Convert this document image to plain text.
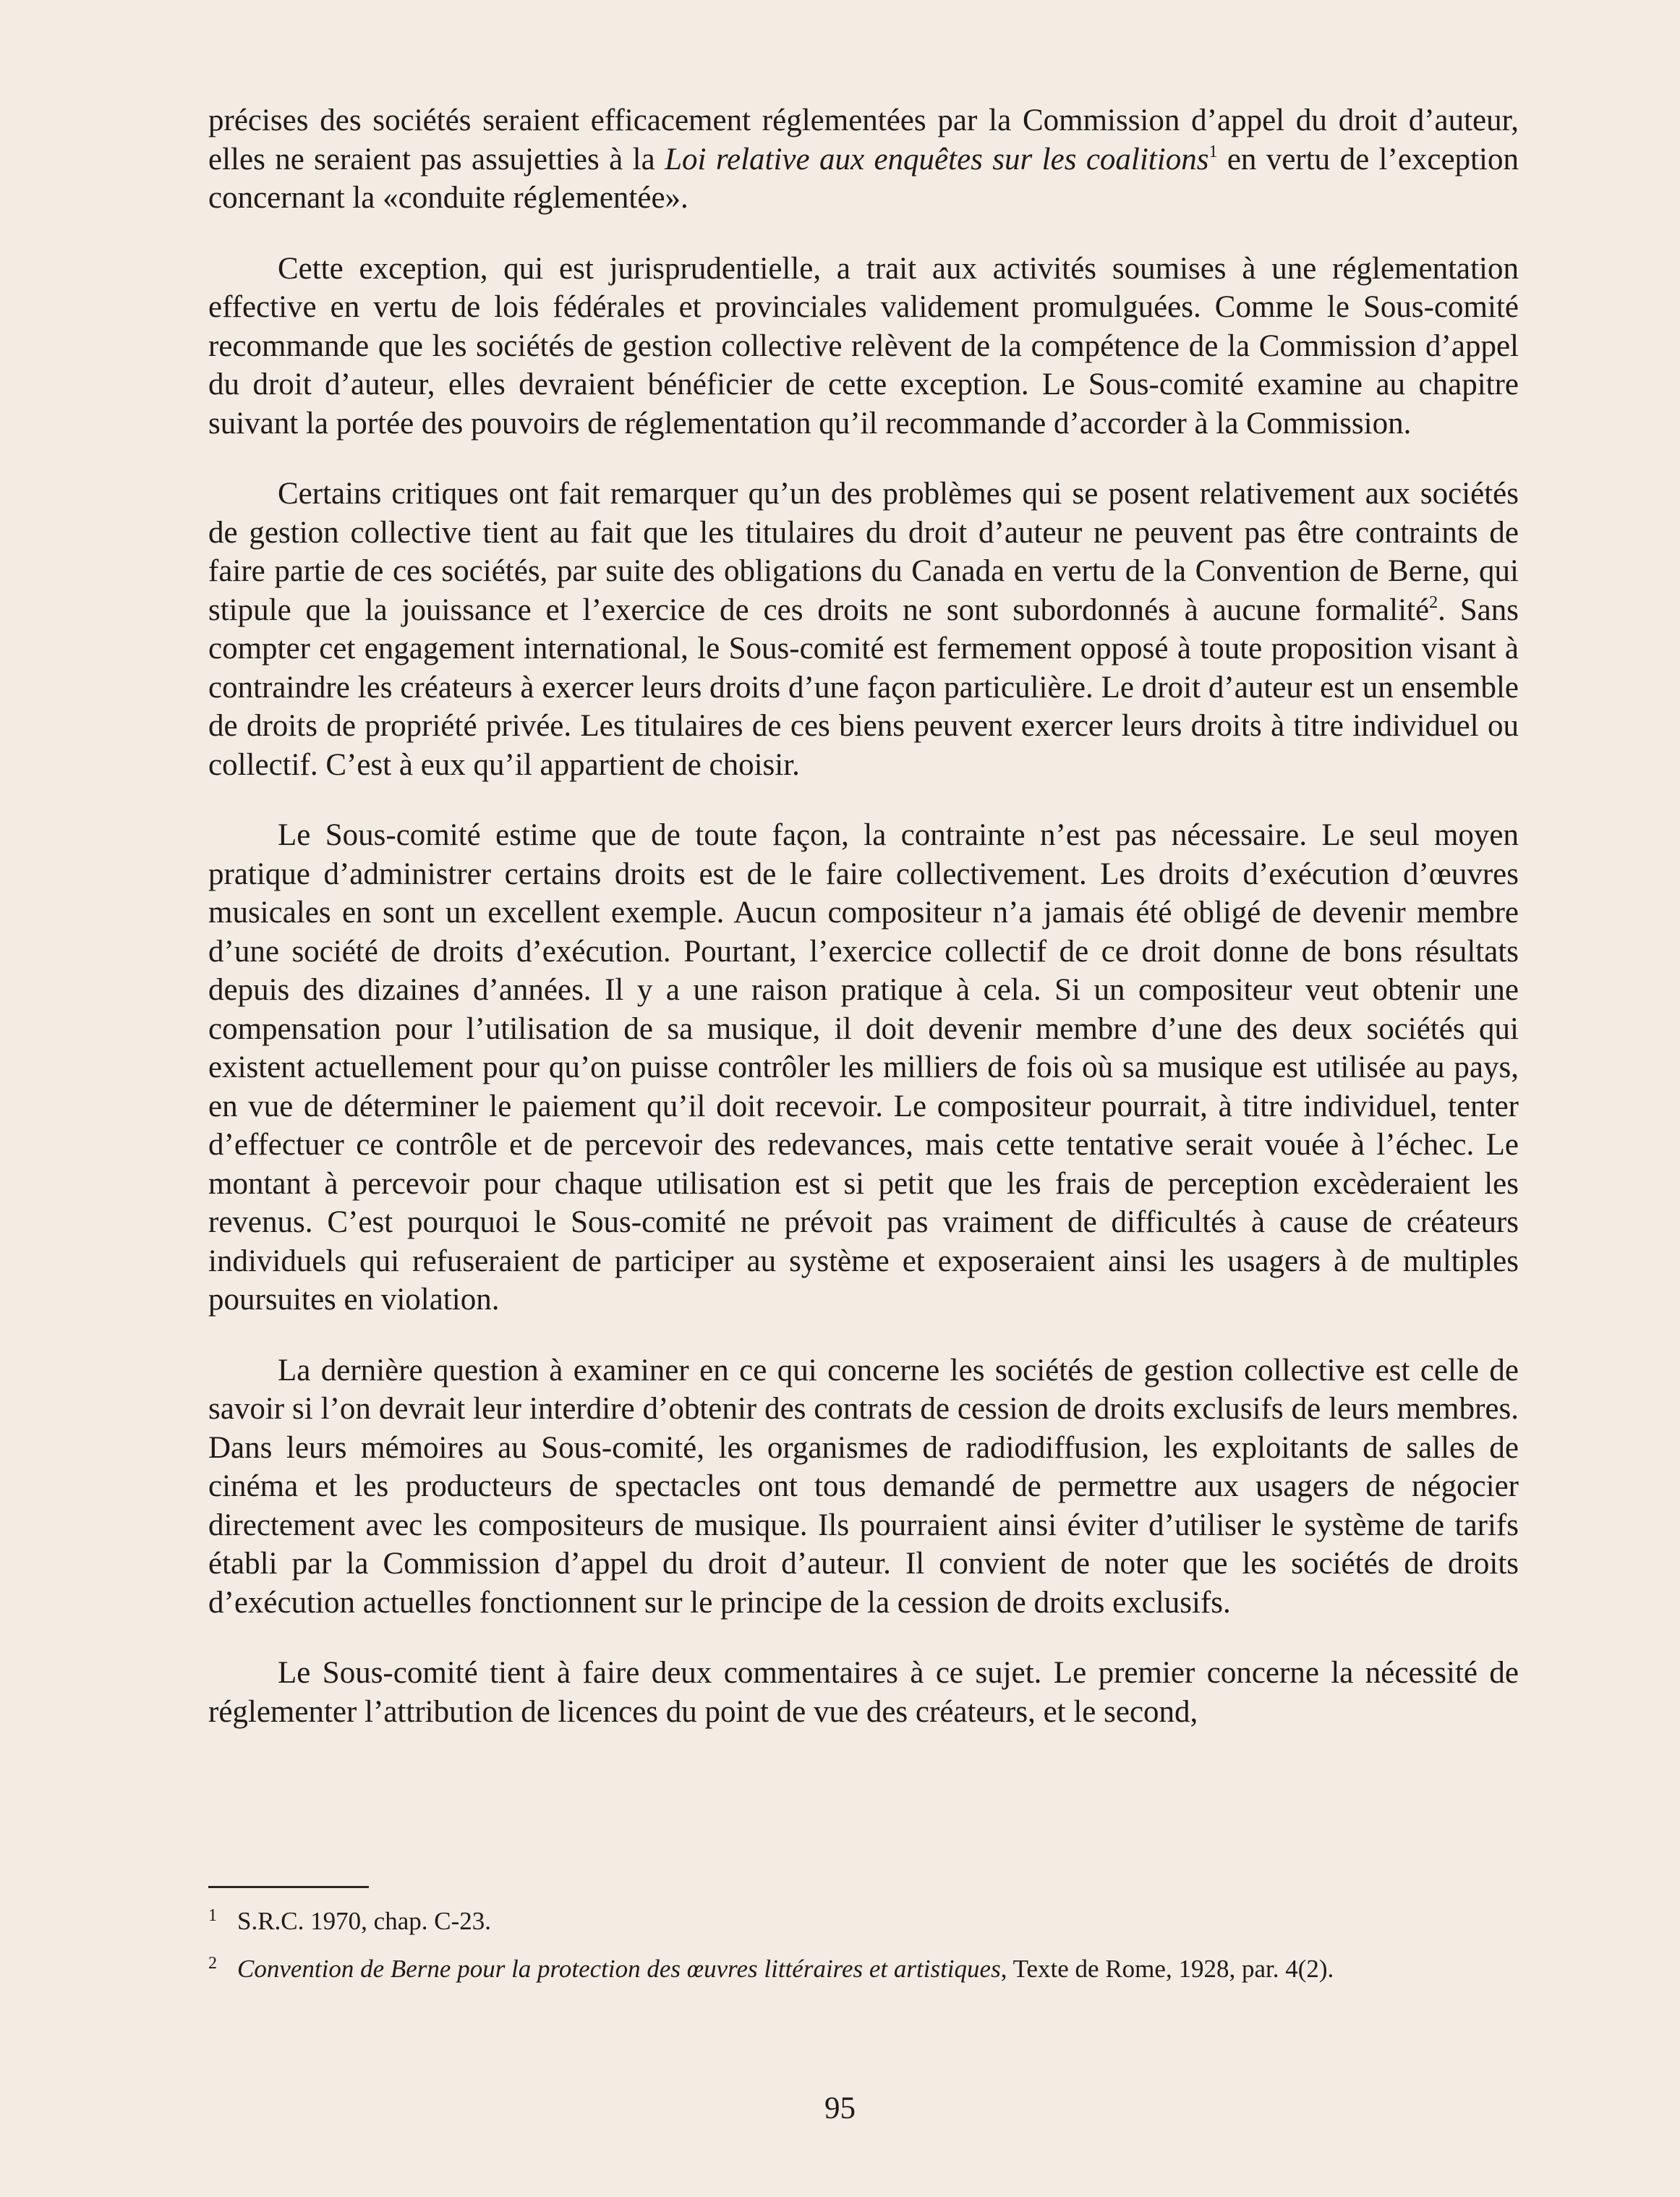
précises des sociétés seraient efficacement réglementées par la Commission d’appel du droit d’auteur, elles ne seraient pas assujetties à la Loi relative aux enquêtes sur les coalitions$^1$ en vertu de l’exception concernant la «conduite réglementée».

Cette exception, qui est jurisprudentielle, a trait aux activités soumises à une réglementation effective en vertu de lois fédérales et provinciales validement promulguées. Comme le Sous-comité recommande que les sociétés de gestion collective relèvent de la compétence de la Commission d’appel du droit d’auteur, elles devraient bénéficier de cette exception. Le Sous-comité examine au chapitre suivant la portée des pouvoirs de réglementation qu’il recommande d’accorder à la Commission.

Certains critiques ont fait remarquer qu’un des problèmes qui se posent relativement aux sociétés de gestion collective tient au fait que les titulaires du droit d’auteur ne peuvent pas être contraints de faire partie de ces sociétés, par suite des obligations du Canada en vertu de la Convention de Berne, qui stipule que la jouissance et l’exercice de ces droits ne sont subordonnés à aucune formalité$^2$. Sans compter cet engagement international, le Sous-comité est fermement opposé à toute proposition visant à contraindre les créateurs à exercer leurs droits d’une façon particulière. Le droit d’auteur est un ensemble de droits de propriété privée. Les titulaires de ces biens peuvent exercer leurs droits à titre individuel ou collectif. C’est à eux qu’il appartient de choisir.

Le Sous-comité estime que de toute façon, la contrainte n’est pas nécessaire. Le seul moyen pratique d’administrer certains droits est de le faire collectivement. Les droits d’exécution d’œuvres musicales en sont un excellent exemple. Aucun compositeur n’a jamais été obligé de devenir membre d’une société de droits d’exécution. Pourtant, l’exercice collectif de ce droit donne de bons résultats depuis des dizaines d’années. Il y a une raison pratique à cela. Si un compositeur veut obtenir une compensation pour l’utilisation de sa musique, il doit devenir membre d’une des deux sociétés qui existent actuellement pour qu’on puisse contrôler les milliers de fois où sa musique est utilisée au pays, en vue de déterminer le paiement qu’il doit recevoir. Le compositeur pourrait, à titre individuel, tenter d’effectuer ce contrôle et de percevoir des redevances, mais cette tentative serait vouée à l’échec. Le montant à percevoir pour chaque utilisation est si petit que les frais de perception excèderaient les revenus. C’est pourquoi le Sous-comité ne prévoit pas vraiment de difficultés à cause de créateurs individuels qui refuseraient de participer au système et exposeraient ainsi les usagers à de multiples poursuites en violation.

La dernière question à examiner en ce qui concerne les sociétés de gestion collective est celle de savoir si l’on devrait leur interdire d’obtenir des contrats de cession de droits exclusifs de leurs membres. Dans leurs mémoires au Sous-comité, les organismes de radiodiffusion, les exploitants de salles de cinéma et les producteurs de spectacles ont tous demandé de permettre aux usagers de négocier directement avec les compositeurs de musique. Ils pourraient ainsi éviter d’utiliser le système de tarifs établi par la Commission d’appel du droit d’auteur. Il convient de noter que les sociétés de droits d’exécution actuelles fonctionnent sur le principe de la cession de droits exclusifs.

Le Sous-comité tient à faire deux commentaires à ce sujet. Le premier concerne la nécessité de réglementer l’attribution de licences du point de vue des créateurs, et le second,

1 S.R.C. 1970, chap. C-23.
2 Convention de Berne pour la protection des œuvres littéraires et artistiques, Texte de Rome, 1928, par. 4(2).
95
